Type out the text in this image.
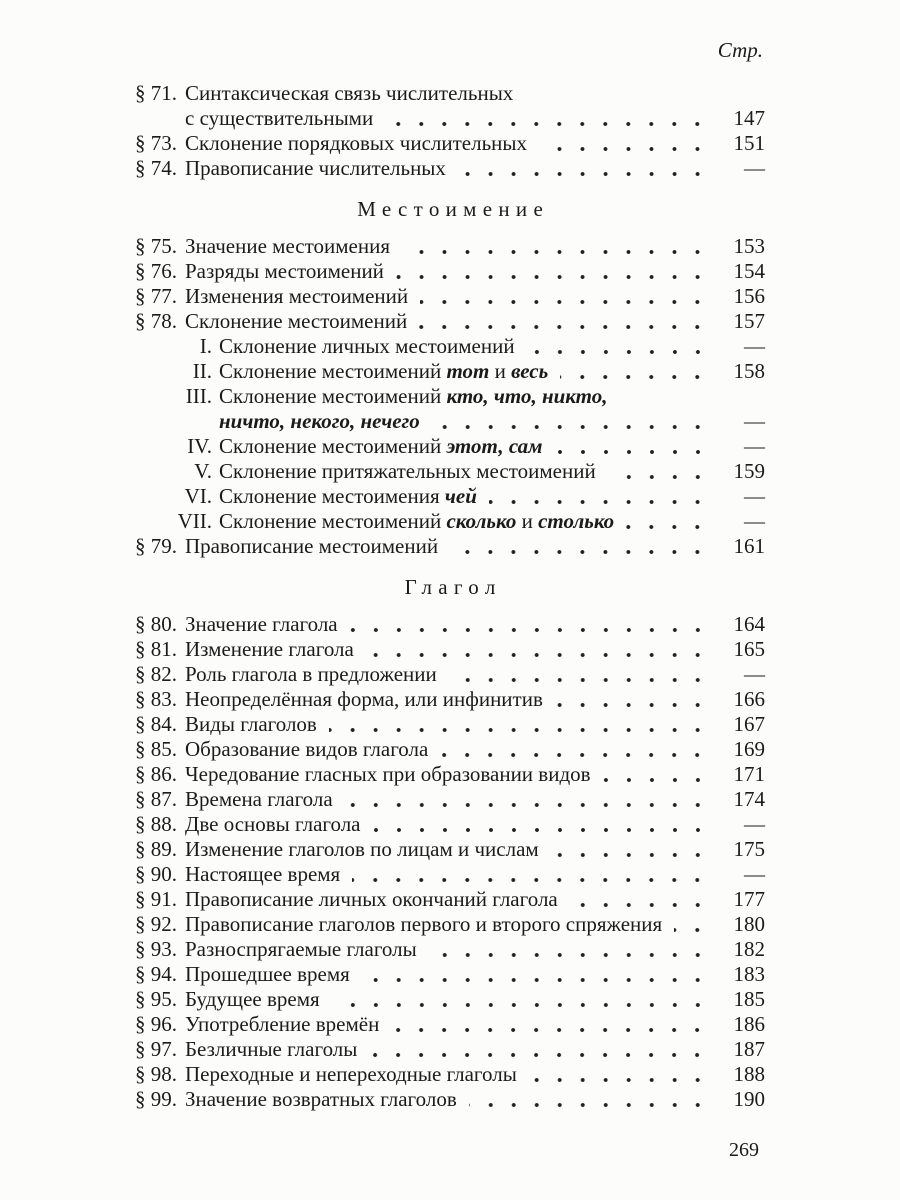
Стр.
§ 71. Синтаксическая связь числительных
с существительными	147
§ 73. Склонение порядковых числительных	151
§ 74. Правописание числительных	—
Местоимение
§ 75. Значение местоимения	153
§ 76. Разряды местоимений	154
§ 77. Изменения местоимений	156
§ 78. Склонение местоимений	157
I. Склонение личных местоимений	—
II. Склонение местоимений тот и весь	158
III. Склонение местоимений кто, что, никто,
ничто, некого, нечего	—
IV. Склонение местоимений этот, сам	—
V. Склонение притяжательных местоимений	159
VI. Склонение местоимения чей	—
VII. Склонение местоимений сколько и столько	—
§ 79. Правописание местоимений	161
Глагол
§ 80. Значение глагола	164
§ 81. Изменение глагола	165
§ 82. Роль глагола в предложении	—
§ 83. Неопределённая форма, или инфинитив	166
§ 84. Виды глаголов	167
§ 85. Образование видов глагола	169
§ 86. Чередование гласных при образовании видов	171
§ 87. Времена глагола	174
§ 88. Две основы глагола	—
§ 89. Изменение глаголов по лицам и числам	175
§ 90. Настоящее время	—
§ 91. Правописание личных окончаний глагола	177
§ 92. Правописание глаголов первого и второго спряжения	180
§ 93. Разноспрягаемые глаголы	182
§ 94. Прошедшее время	183
§ 95. Будущее время	185
§ 96. Употребление времён	186
§ 97. Безличные глаголы	187
§ 98. Переходные и непереходные глаголы	188
§ 99. Значение возвратных глаголов	190
269
